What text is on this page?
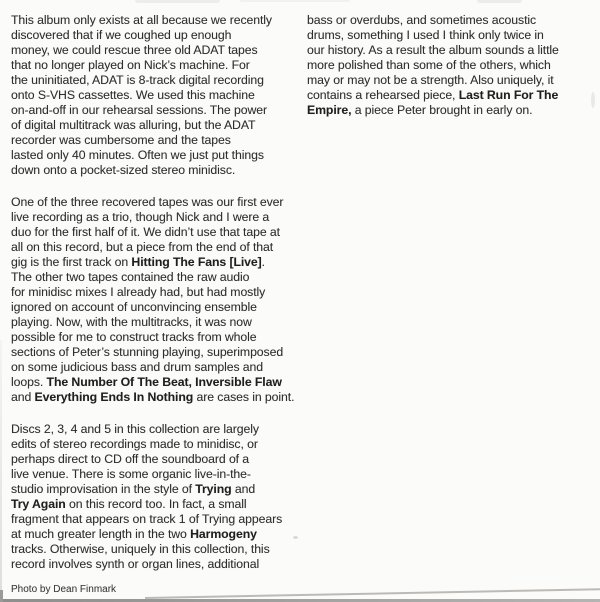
This album only exists at all because we recently
discovered that if we coughed up enough
money, we could rescue three old ADAT tapes
that no longer played on Nick’s machine. For
the uninitiated, ADAT is 8-track digital recording
onto S-VHS cassettes. We used this machine
on-and-off in our rehearsal sessions. The power
of digital multitrack was alluring, but the ADAT
recorder was cumbersome and the tapes
lasted only 40 minutes. Often we just put things
down onto a pocket-sized stereo minidisc.
One of the three recovered tapes was our first ever
live recording as a trio, though Nick and I were a
duo for the first half of it. We didn’t use that tape at
all on this record, but a piece from the end of that
gig is the first track on Hitting The Fans [Live].
The other two tapes contained the raw audio
for minidisc mixes I already had, but had mostly
ignored on account of unconvincing ensemble
playing. Now, with the multitracks, it was now
possible for me to construct tracks from whole
sections of Peter’s stunning playing, superimposed
on some judicious bass and drum samples and
loops. The Number Of The Beat, Inversible Flaw
and Everything Ends In Nothing are cases in point.
Discs 2, 3, 4 and 5 in this collection are largely
edits of stereo recordings made to minidisc, or
perhaps direct to CD off the soundboard of a
live venue. There is some organic live-in-the-
studio improvisation in the style of Trying and
Try Again on this record too. In fact, a small
fragment that appears on track 1 of Trying appears
at much greater length in the two Harmogeny
tracks. Otherwise, uniquely in this collection, this
record involves synth or organ lines, additional
bass or overdubs, and sometimes acoustic
drums, something I used I think only twice in
our history. As a result the album sounds a little
more polished than some of the others, which
may or may not be a strength. Also uniquely, it
contains a rehearsed piece, Last Run For The
Empire, a piece Peter brought in early on.
Photo by Dean Finmark
